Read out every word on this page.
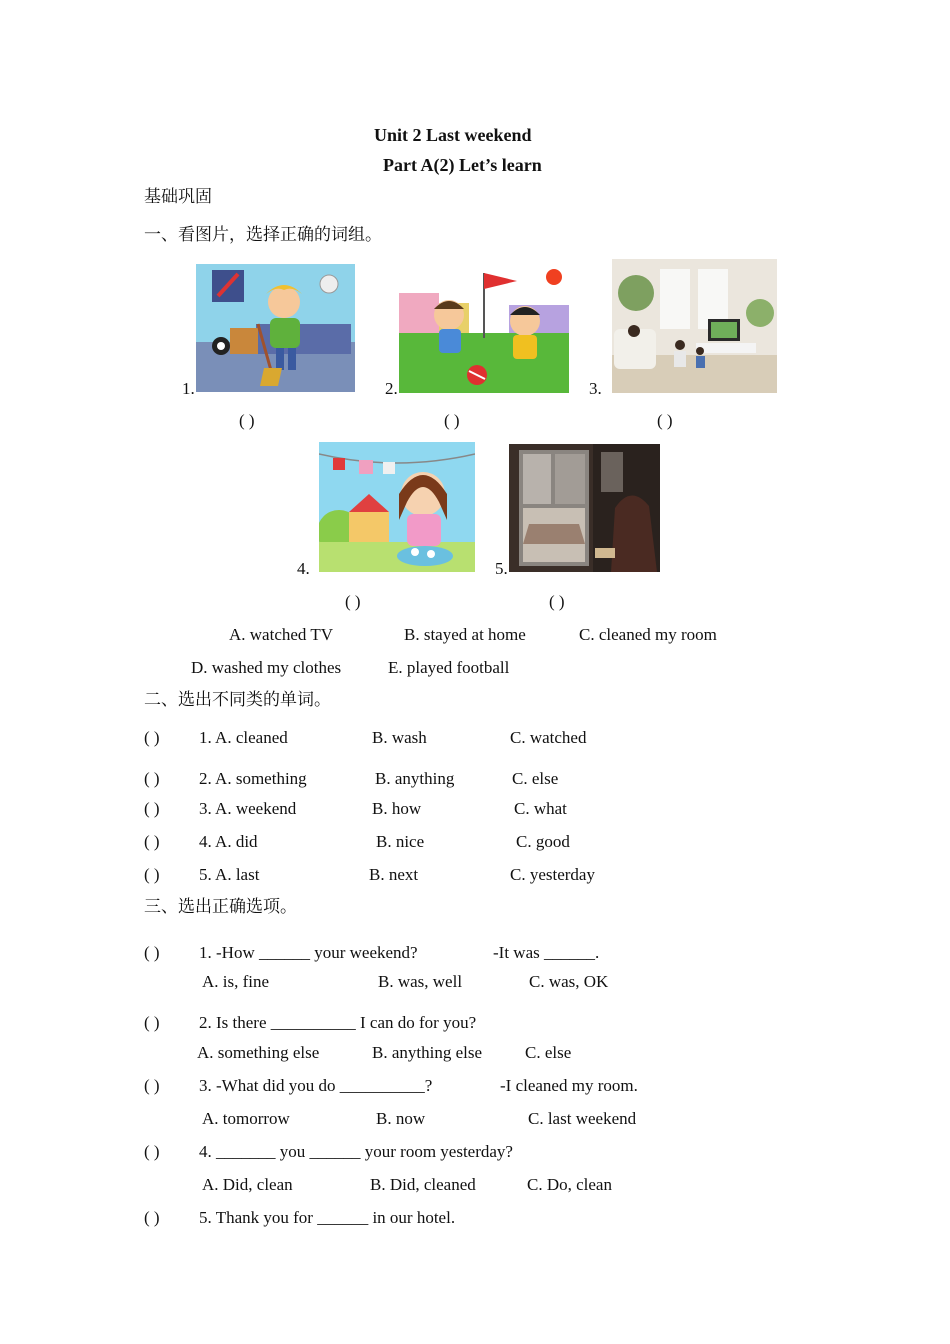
Unit 2 Last weekend
Part A(2) Let’s learn
基础巩固
一、看图片，选择正确的词组。
1.	2.	3.
( )	( )	( )
4.	5.
( )	( )
A. watched TV	B. stayed at home	C. cleaned my room
D. washed my clothes	E. played football
二、选出不同类的单词。
( ) 1. A. cleaned	B. wash	C. watched
( ) 2. A. something	B. anything	C. else
( ) 3. A. weekend	B. how	C. what
( ) 4. A. did	B. nice	C. good
( ) 5. A. last	B. next	C. yesterday
三、选出正确选项。
( ) 1. -How ______ your weekend?	-It was ______.
A. is, fine	B. was, well	C. was, OK
( ) 2. Is there __________ I can do for you?
A. something else	B. anything else	C. else
( ) 3. -What did you do __________?	-I cleaned my room.
A. tomorrow	B. now	C. last weekend
( ) 4. _______ you ______ your room yesterday?
A. Did, clean	B. Did, cleaned	C. Do, clean
( ) 5. Thank you for ______ in our hotel.
